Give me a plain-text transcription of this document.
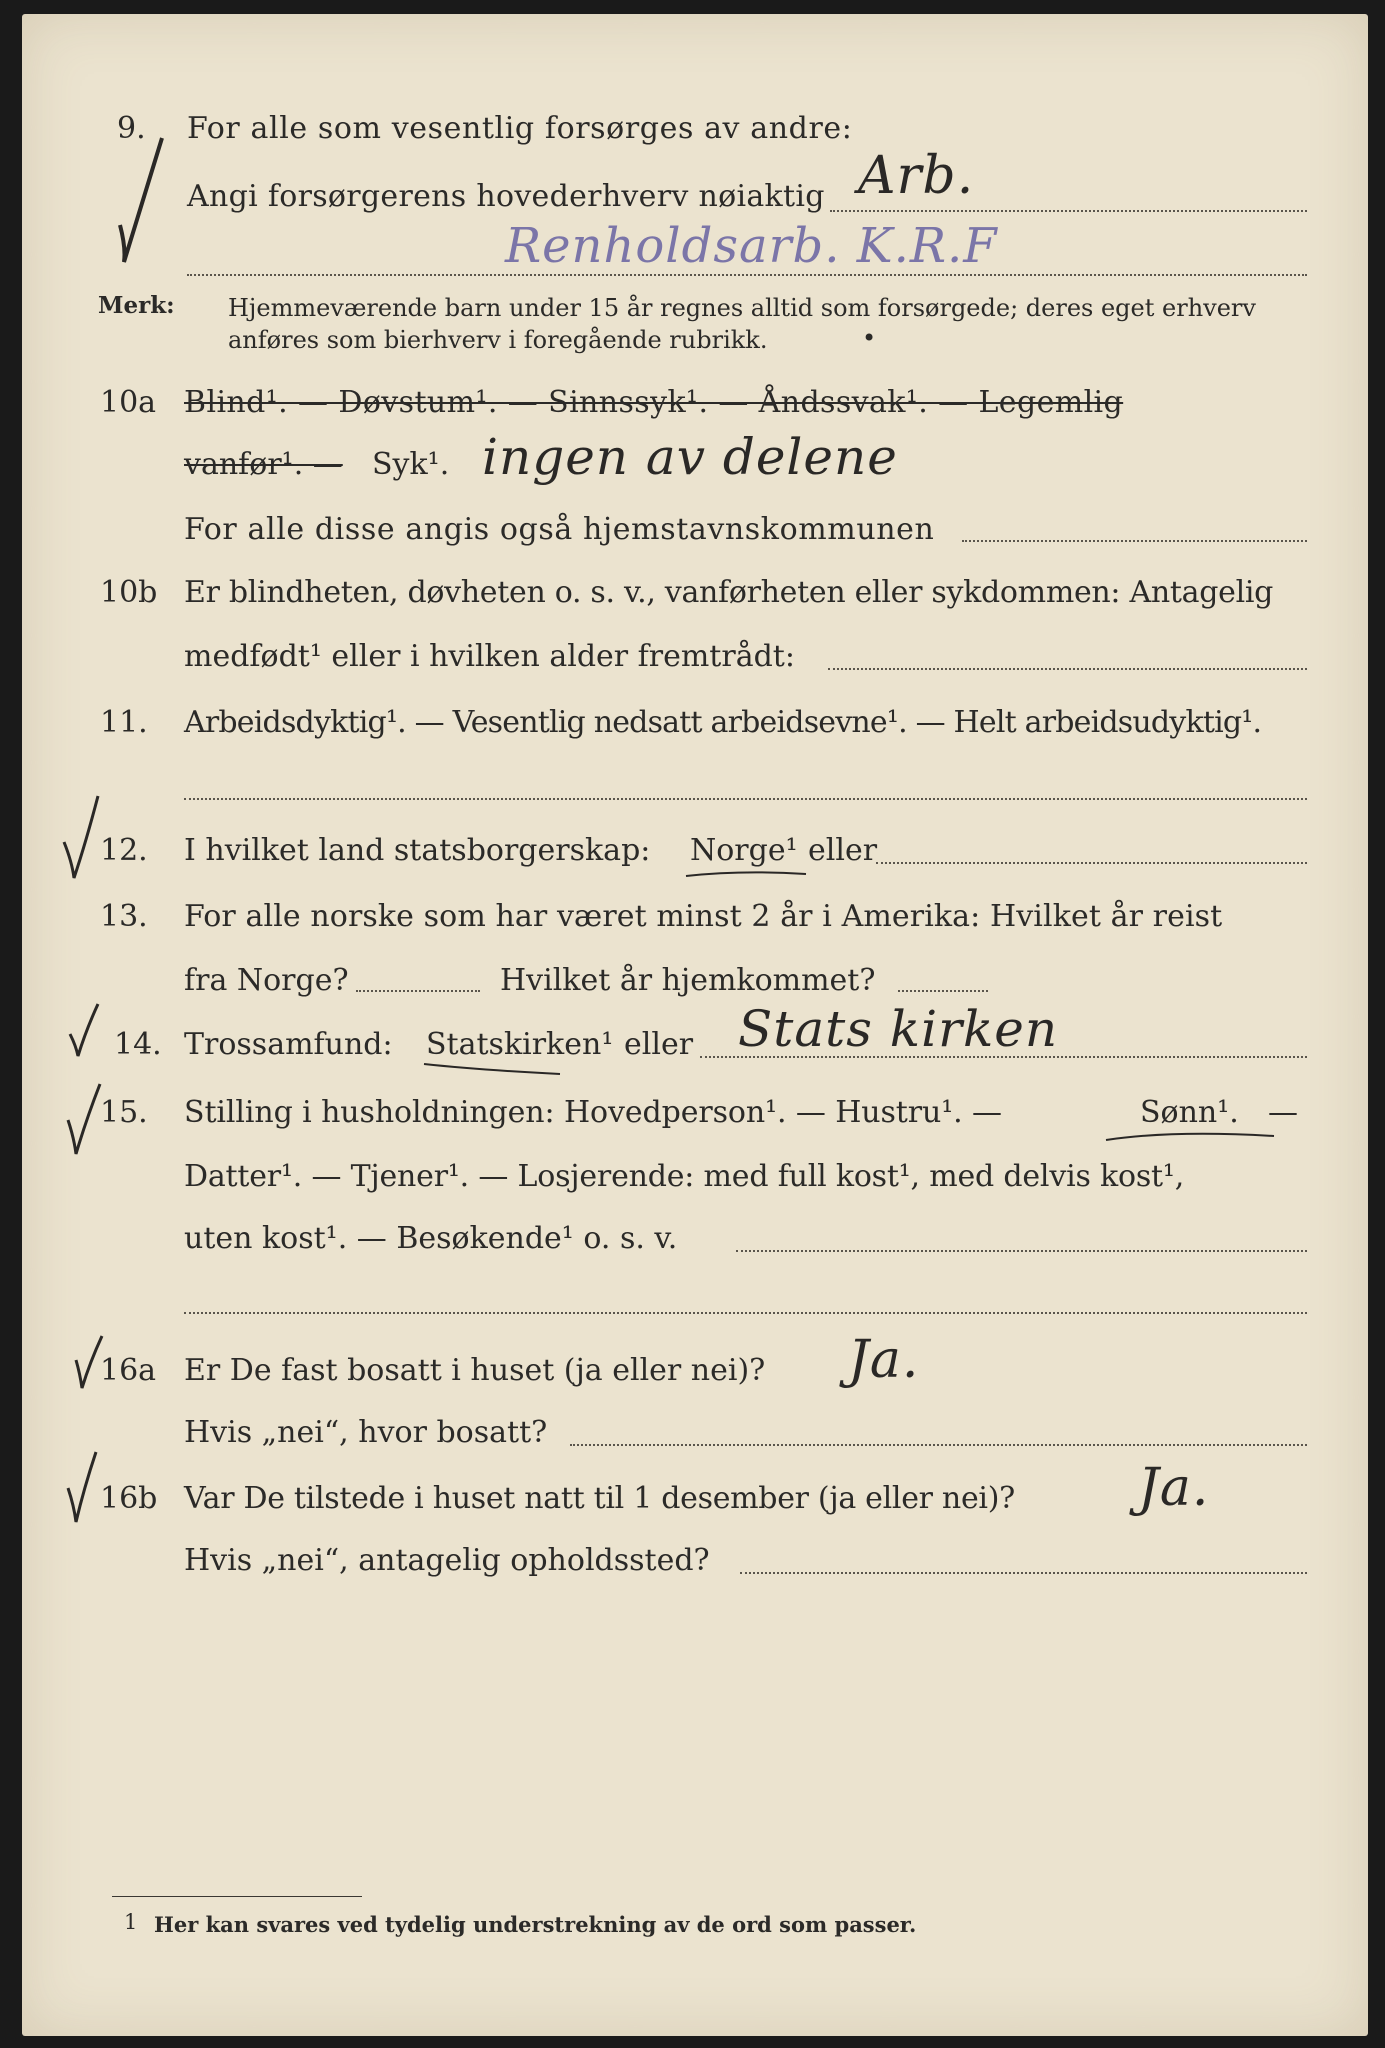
9. For alle som vesentlig forsørges av andre:
Angi forsørgerens hovederhverv nøiaktig Arb.
Renholdsarb. K.R.F
Merk: Hjemmeværende barn under 15 år regnes alltid som forsørgede; deres eget erhverv
anføres som bierhverv i foregående rubrikk.	•
10a Blind¹. — Døvstum¹. — Sinnssyk¹. — Åndssvak¹. — Legemlig
vanfør¹. — Syk¹. ingen av delene
For alle disse angis også hjemstavnskommunen
10b Er blindheten, døvheten o. s. v., vanførheten eller sykdommen: Antagelig
medfødt¹ eller i hvilken alder fremtrådt:
11. Arbeidsdyktig¹. — Vesentlig nedsatt arbeidsevne¹. — Helt arbeidsudyktig¹.
12. I hvilket land statsborgerskap: Norge¹ eller
13. For alle norske som har været minst 2 år i Amerika: Hvilket år reist
fra Norge?	Hvilket år hjemkommet?
14. Trossamfund: Statskirken¹ eller Stats kirken
15. Stilling i husholdningen: Hovedperson¹. — Hustru¹. —	Sønn¹. —
Datter¹. — Tjener¹. — Losjerende: med full kost¹, med delvis kost¹,
uten kost¹. — Besøkende¹ o. s. v.
16a Er De fast bosatt i huset (ja eller nei)? Ja.
Hvis „nei“, hvor bosatt?
16b Var De tilstede i huset natt til 1 desember (ja eller nei)? Ja.
Hvis „nei“, antagelig opholdssted?
1 Her kan svares ved tydelig understrekning av de ord som passer.
